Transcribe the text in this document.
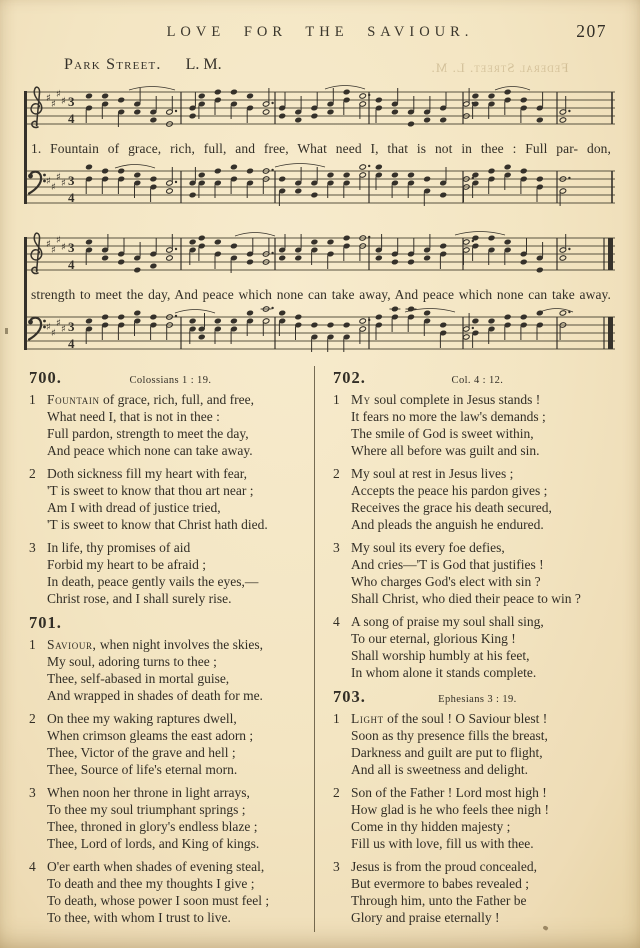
LOVE FOR THE SAVIOUR.	207
Federal Street. L. M.
Park Street. L. M.
♯
♯
♯
♯ 3
4
1. Fountain of grace, rich, full, and free, What need I, that is not in thee : Full par- don,
♯
♯
♯
♯ 3
4
♯
♯
♯
♯ 3
4
strength to meet the day, And peace which none can take away, And peace which none can take away.
♯
♯
♯
♯ 3
4
700.	Colossians 1 : 19.
1 Fountain of grace, rich, full, and free,
What need I, that is not in thee :
Full pardon, strength to meet the day,
And peace which none can take away.
2 Doth sickness fill my heart with fear,
'T is sweet to know that thou art near ;
Am I with dread of justice tried,
'T is sweet to know that Christ hath died.
3 In life, thy promises of aid
Forbid my heart to be afraid ;
In death, peace gently vails the eyes,—
Christ rose, and I shall surely rise.
701.
1 Saviour, when night involves the skies,
My soul, adoring turns to thee ;
Thee, self-abased in mortal guise,
And wrapped in shades of death for me.
2 On thee my waking raptures dwell,
When crimson gleams the east adorn ;
Thee, Victor of the grave and hell ;
Thee, Source of life's eternal morn.
3 When noon her throne in light arrays,
To thee my soul triumphant springs ;
Thee, throned in glory's endless blaze ;
Thee, Lord of lords, and King of kings.
4 O'er earth when shades of evening steal,
To death and thee my thoughts I give ;
To death, whose power I soon must feel ;
To thee, with whom I trust to live.
702.	Col. 4 : 12.
1 My soul complete in Jesus stands !
It fears no more the law's demands ;
The smile of God is sweet within,
Where all before was guilt and sin.
2 My soul at rest in Jesus lives ;
Accepts the peace his pardon gives ;
Receives the grace his death secured,
And pleads the anguish he endured.
3 My soul its every foe defies,
And cries—'T is God that justifies !
Who charges God's elect with sin ?
Shall Christ, who died their peace to win ?
4 A song of praise my soul shall sing,
To our eternal, glorious King !
Shall worship humbly at his feet,
In whom alone it stands complete.
703.	Ephesians 3 : 19.
1 Light of the soul ! O Saviour blest !
Soon as thy presence fills the breast,
Darkness and guilt are put to flight,
And all is sweetness and delight.
2 Son of the Father ! Lord most high !
How glad is he who feels thee nigh !
Come in thy hidden majesty ;
Fill us with love, fill us with thee.
3 Jesus is from the proud concealed,
But evermore to babes revealed ;
Through him, unto the Father be
Glory and praise eternally !
